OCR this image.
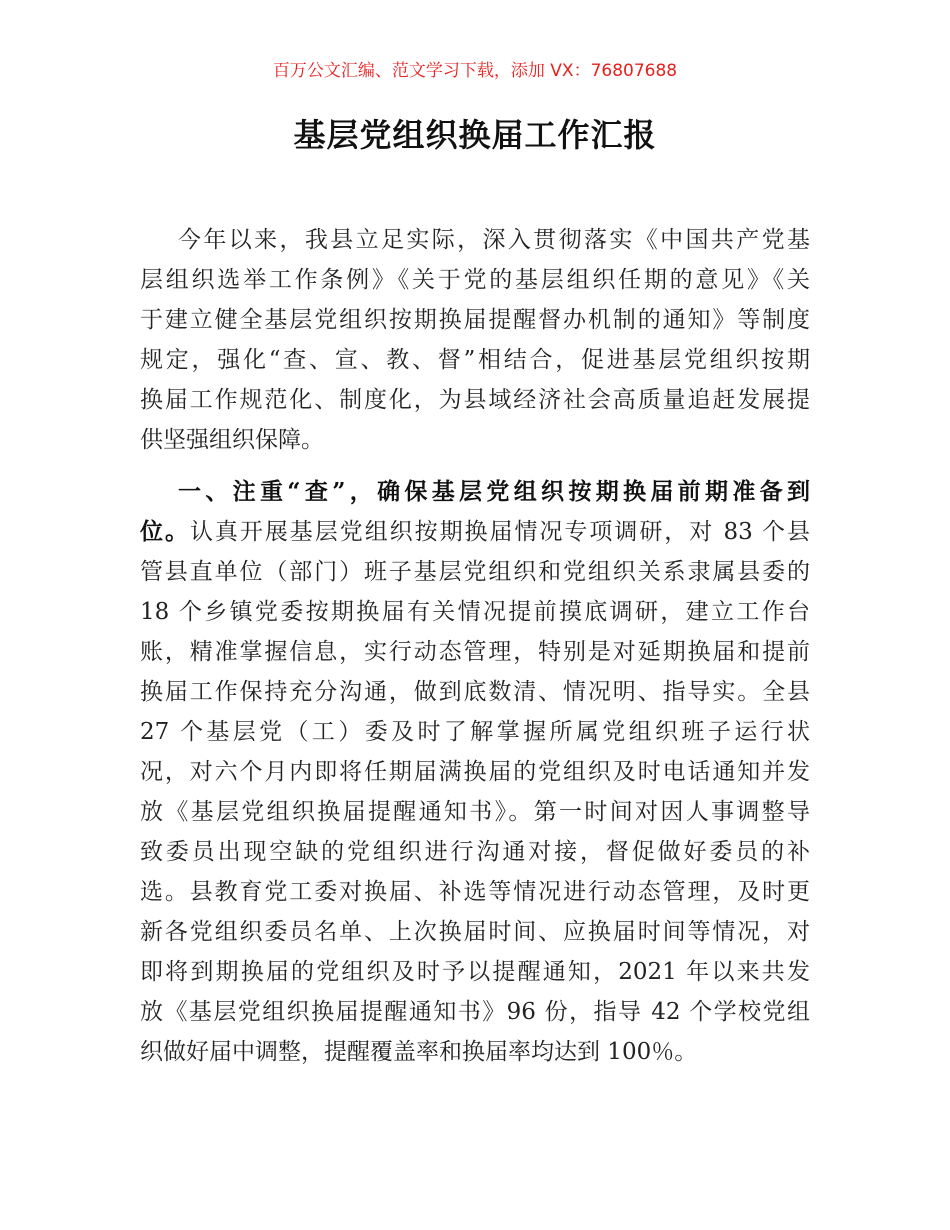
百万公文汇编、范文学习下载，添加 VX：76807688
基层党组织换届工作汇报
今年以来，我县立足实际，深入贯彻落实《中国共产党基
层组织选举工作条例》《关于党的基层组织任期的意见》《关
于建立健全基层党组织按期换届提醒督办机制的通知》等制度
规定，强化“查、宣、教、督”相结合，促进基层党组织按期
换届工作规范化、制度化，为县域经济社会高质量追赶发展提
供坚强组织保障。
一、注重“查”，确保基层党组织按期换届前期准备到
位。认真开展基层党组织按期换届情况专项调研，对 83 个县
管县直单位（部门）班子基层党组织和党组织关系隶属县委的
18 个乡镇党委按期换届有关情况提前摸底调研，建立工作台
账，精准掌握信息，实行动态管理，特别是对延期换届和提前
换届工作保持充分沟通，做到底数清、情况明、指导实。全县
27 个基层党（工）委及时了解掌握所属党组织班子运行状
况，对六个月内即将任期届满换届的党组织及时电话通知并发
放《基层党组织换届提醒通知书》。第一时间对因人事调整导
致委员出现空缺的党组织进行沟通对接，督促做好委员的补
选。县教育党工委对换届、补选等情况进行动态管理，及时更
新各党组织委员名单、上次换届时间、应换届时间等情况，对
即将到期换届的党组织及时予以提醒通知，2021 年以来共发
放《基层党组织换届提醒通知书》96 份，指导 42 个学校党组
织做好届中调整，提醒覆盖率和换届率均达到 100％。
